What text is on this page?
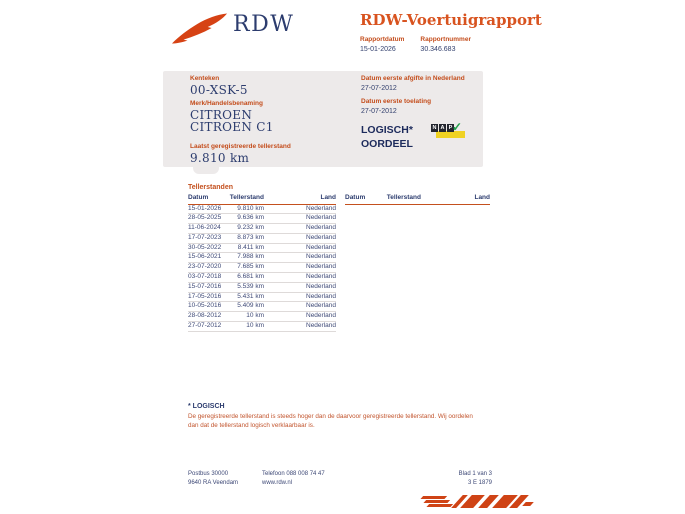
RDW	RDW-Voertuigrapport
Rapportdatum
15-01-2026
Rapportnummer
30.346.683
Kenteken
00-XSK-5
Merk/Handelsbenaming
CITROEN CITROEN C1
Laatst geregistreerde tellerstand
9.810 km
Datum eerste afgifte in Nederland
27-07-2012
Datum eerste toelating
27-07-2012
LOGISCH*
OORDEEL
N A P ✓
Tellerstanden
Datum	Tellerstand	Land
15-01-2026	9.810 km	Nederland
28-05-2025	9.636 km	Nederland
11-06-2024	9.232 km	Nederland
17-07-2023	8.873 km	Nederland
30-05-2022	8.411 km	Nederland
15-06-2021	7.988 km	Nederland
23-07-2020	7.685 km	Nederland
03-07-2018	6.681 km	Nederland
15-07-2016	5.539 km	Nederland
17-05-2016	5.431 km	Nederland
10-05-2016	5.409 km	Nederland
28-08-2012	10 km	Nederland
27-07-2012	10 km	Nederland
Datum	Tellerstand	Land
* LOGISCH

De geregistreerde tellerstand is steeds hoger dan de daarvoor geregistreerde tellerstand. Wij oordelen dan dat de tellerstand logisch verklaarbaar is.

Postbus 30000
9640 RA Veendam
Telefoon 088 008 74 47
www.rdw.nl
Blad 1 van 3
3 E 1879
